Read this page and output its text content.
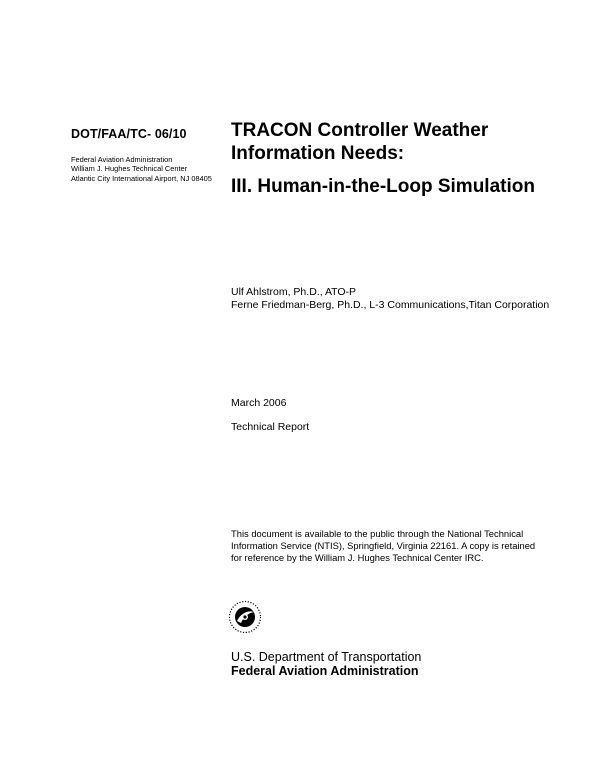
DOT/FAA/TC- 06/10
Federal Aviation Administration
William J. Hughes Technical Center
Atlantic City International Airport, NJ 08405
TRACON Controller Weather
Information Needs:
III. Human-in-the-Loop Simulation
Ulf Ahlstrom, Ph.D., ATO-P
Ferne Friedman-Berg, Ph.D., L-3 Communications,Titan Corporation
March 2006
Technical Report
This document is available to the public through the National Technical
Information Service (NTIS), Springfield, Virginia 22161. A copy is retained
for reference by the William J. Hughes Technical Center IRC.
U.S. Department of Transportation
Federal Aviation Administration
